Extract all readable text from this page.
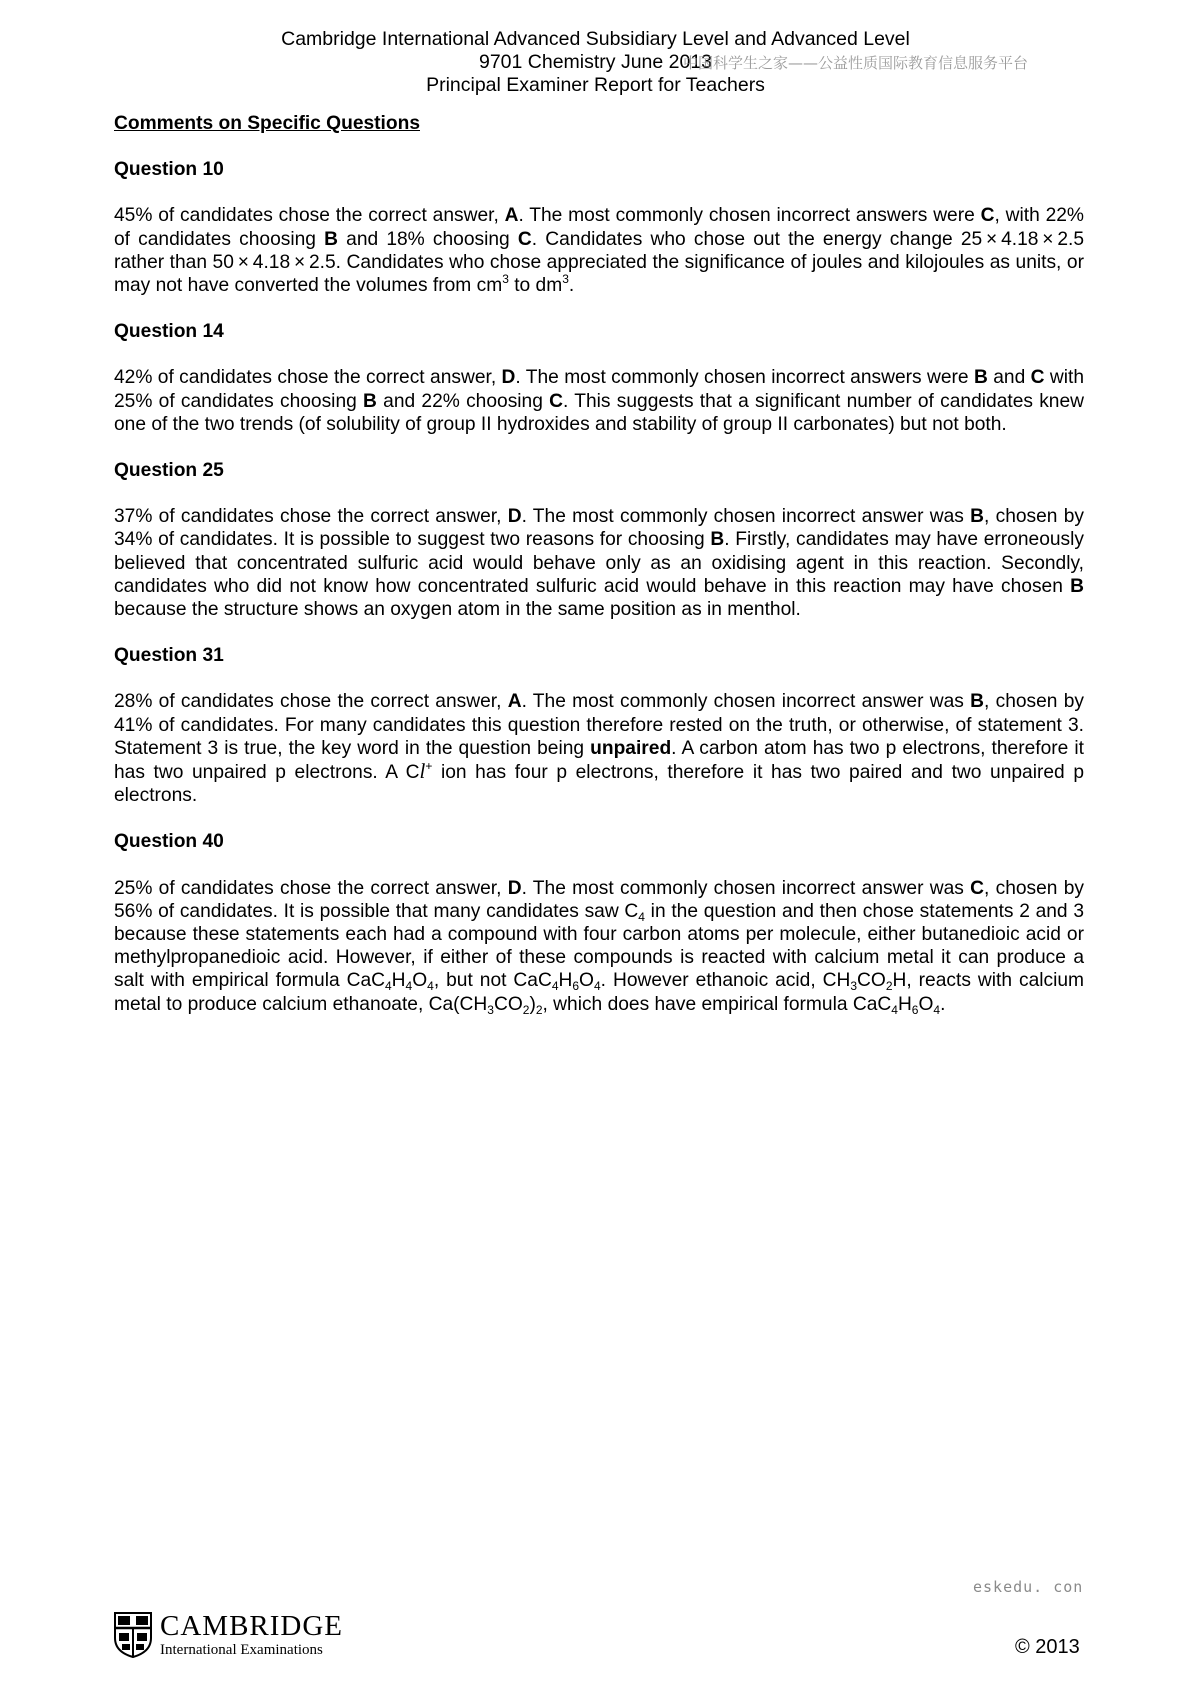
Cambridge International Advanced Subsidiary Level and Advanced Level
9701 Chemistry June 2013
Principal Examiner Report for Teachers
中国科学生之家——公益性质国际教育信息服务平台
Comments on Specific Questions
Question 10
45% of candidates chose the correct answer, A. The most commonly chosen incorrect answers were C, with 22% of candidates choosing B and 18% choosing C. Candidates who chose out the energy change 25 × 4.18 × 2.5 rather than 50 × 4.18 × 2.5. Candidates who chose appreciated the significance of joules and kilojoules as units, or may not have converted the volumes from $cm^3$ to $dm^3$.
Question 14
42% of candidates chose the correct answer, D. The most commonly chosen incorrect answers were B and C with 25% of candidates choosing B and 22% choosing C. This suggests that a significant number of candidates knew one of the two trends (of solubility of group II hydroxides and stability of group II carbonates) but not both.
Question 25
37% of candidates chose the correct answer, D. The most commonly chosen incorrect answer was B, chosen by 34% of candidates. It is possible to suggest two reasons for choosing B. Firstly, candidates may have erroneously believed that concentrated sulfuric acid would behave only as an oxidising agent in this reaction. Secondly, candidates who did not know how concentrated sulfuric acid would behave in this reaction may have chosen B because the structure shows an oxygen atom in the same position as in menthol.
Question 31
28% of candidates chose the correct answer, A. The most commonly chosen incorrect answer was B, chosen by 41% of candidates. For many candidates this question therefore rested on the truth, or otherwise, of statement 3. Statement 3 is true, the key word in the question being unpaired. A carbon atom has two p electrons, therefore it has two unpaired p electrons. A Cl+ ion has four p electrons, therefore it has two paired and two unpaired p electrons.
Question 40
25% of candidates chose the correct answer, D. The most commonly chosen incorrect answer was C, chosen by 56% of candidates. It is possible that many candidates saw $C_4$ in the question and then chose statements 2 and 3 because these statements each had a compound with four carbon atoms per molecule, either butanedioic acid or methylpropanedioic acid. However, if either of these compounds is reacted with calcium metal it can produce a salt with empirical formula $CaC_4H_4O_4$, but not $CaC_4H_6O_4$. However ethanoic acid, $CH_3CO_2H$, reacts with calcium metal to produce calcium ethanoate, $Ca(CH_3CO_2)_2$, which does have empirical formula $CaC_4H_6O_4$.
eskedu. con
CAMBRIDGE
International Examinations	© 2013
